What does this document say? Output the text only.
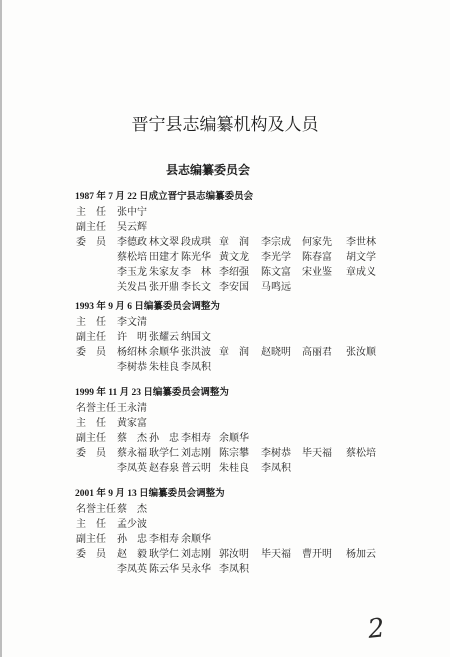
晋宁县志编纂机构及人员
县志编纂委员会
1987 年 7 月 22 日成立晋宁县志编纂委员会
主　任 张中宁
副主任 吴云辉
委　员 李德政 林文翠 段成琪 章　润 李宗成 何家先 李世林
蔡松培 田建才 陈光华 黄文龙 李光学 陈春富 胡文学
李玉龙 朱家友 李　林 李绍强 陈文富 宋业鉴 章成义
关发昌 张开鼎 李长文 李安国 马鸣远
1993 年 9 月 6 日编纂委员会调整为
主　任 李文清
副主任 许　明 张耀云 纳国文
委　员 杨绍林 余顺华 张洪波 章　润 赵晓明 高丽君 张汝顺
李树恭 朱桂良 李凤积
1999 年 11 月 23 日编纂委员会调整为
名誉主任 王永清
主　任 黄家富
副主任 蔡　杰 孙　忠 李相寿 余顺华
委　员 蔡永福 耿学仁 刘志刚 陈宗攀 李树恭 毕天福 蔡松培
李凤英 赵春泉 普云明 朱桂良 李凤积
2001 年 9 月 13 日编纂委员会调整为
名誉主任 蔡　杰
主　任 孟少波
副主任 孙　忠 李相寿 余顺华
委　员 赵　毅 耿学仁 刘志刚 郭汝明 毕天福 曹开明 杨加云
李凤英 陈云华 吴永华 李凤积
2
